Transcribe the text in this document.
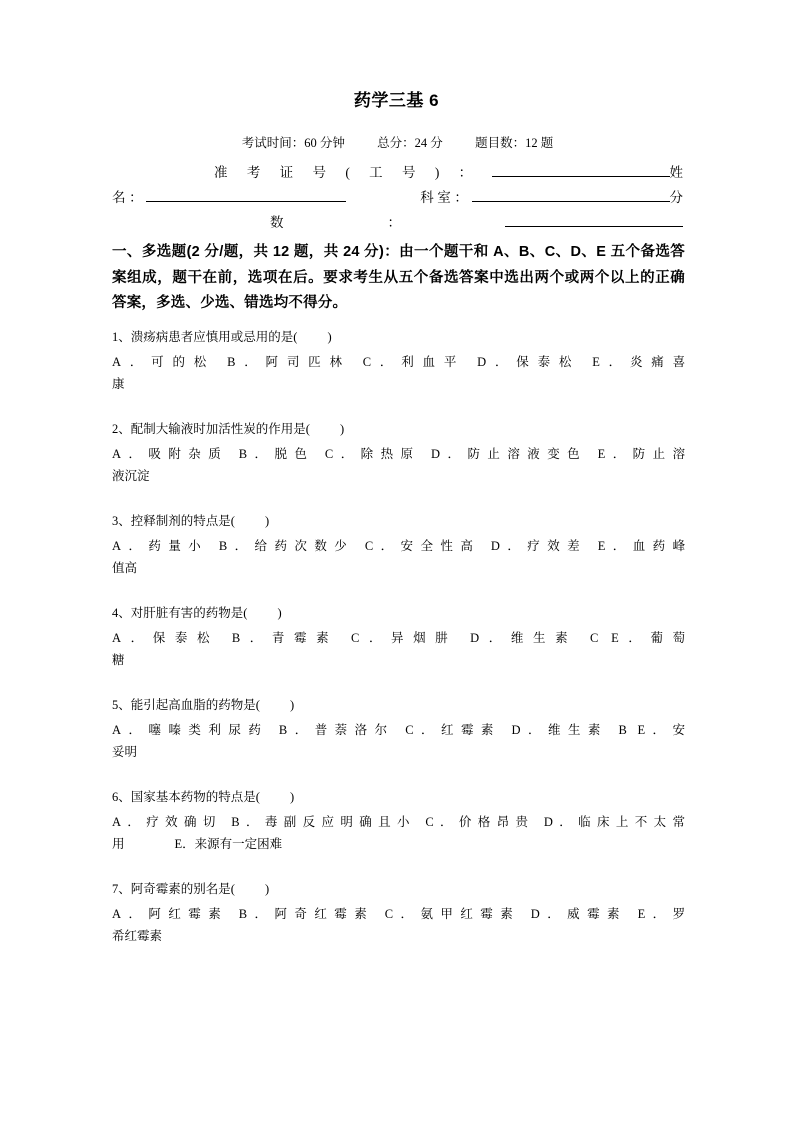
药学三基 6
考试时间：60 分钟	总分：24 分	题目数：12 题
姓
准考证号(工号)：
分
名：	科室：
数：
一、多选题(2 分/题，共 12 题，共 24 分)：由一个题干和 A、B、C、D、E 五个备选答案组成，题干在前，选项在后。要求考生从五个备选答案中选出两个或两个以上的正确答案，多选、少选、错选均不得分。
1、溃疡病患者应慎用或忌用的是( )
A．可的松 B．阿司匹林 C．利血平 D．保泰松 E．炎痛喜
康
2、配制大输液时加活性炭的作用是( )
A．吸附杂质 B．脱色 C．除热原 D．防止溶液变色 E．防止溶
液沉淀
3、控释制剂的特点是( )
A．药量小 B．给药次数少 C．安全性高 D．疗效差 E．血药峰
值高
4、对肝脏有害的药物是( )
A．保泰松 B．青霉素 C．异烟肼 D．维生素 C E．葡萄
糖
5、能引起高血脂的药物是( )
A．噻嗪类利尿药 B．普萘洛尔 C．红霉素 D．维生素 B E．安
妥明
6、国家基本药物的特点是( )
A．疗效确切 B．毒副反应明确且小 C．价格昂贵 D．临床上不太常
用　　　　E．来源有一定困难
7、阿奇霉素的别名是( )
A．阿红霉素 B．阿奇红霉素 C．氨甲红霉素 D．威霉素 E．罗
希红霉素
